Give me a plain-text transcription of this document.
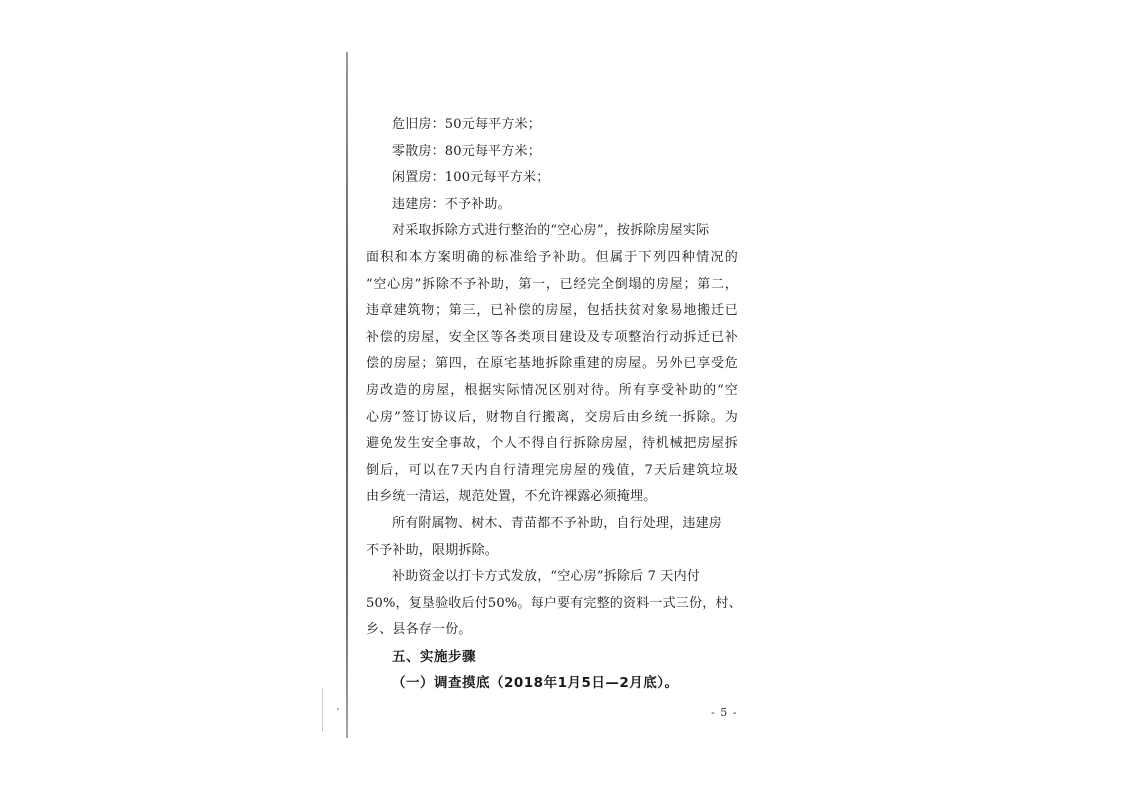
危旧房：50元每平方米；
零散房：80元每平方米；
闲置房：100元每平方米；
违建房：不予补助。
对采取拆除方式进行整治的“空心房”，按拆除房屋实际
面积和本方案明确的标准给予补助。但属于下列四种情况的
“空心房”拆除不予补助，第一，已经完全倒塌的房屋；第二，
违章建筑物；第三，已补偿的房屋，包括扶贫对象易地搬迁已
补偿的房屋，安全区等各类项目建设及专项整治行动拆迁已补
偿的房屋；第四，在原宅基地拆除重建的房屋。另外已享受危
房改造的房屋，根据实际情况区别对待。所有享受补助的“空
心房”签订协议后，财物自行搬离，交房后由乡统一拆除。为
避免发生安全事故，个人不得自行拆除房屋，待机械把房屋拆
倒后，可以在7天内自行清理完房屋的残值，7天后建筑垃圾
由乡统一清运，规范处置，不允许裸露必须掩埋。
所有附属物、树木、青苗都不予补助，自行处理，违建房
不予补助，限期拆除。
补助资金以打卡方式发放，“空心房”拆除后 7 天内付
50%，复垦验收后付50%。每户要有完整的资料一式三份，村、
乡、县各存一份。
五、实施步骤
（一）调查摸底（2018年1月5日—2月底）。
- 5 -
